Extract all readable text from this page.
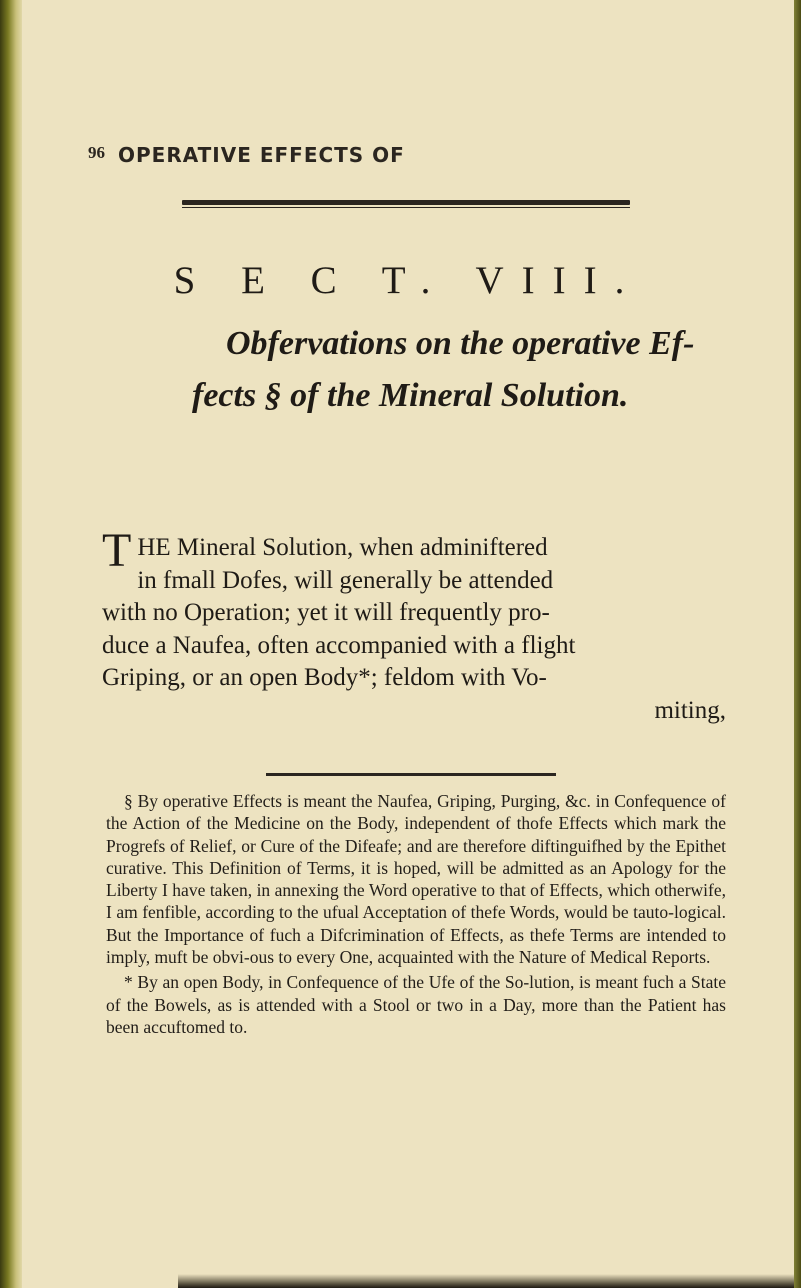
96 OPERATIVE EFFECTS OF
S E C T. VIII.
Obfervations on the operative Ef-
fects § of the Mineral Solution.
T HE Mineral Solution, when adminiftered
in fmall Dofes, will generally be attended
with no Operation; yet it will frequently pro-
duce a Naufea, often accompanied with a flight
Griping, or an open Body*; feldom with Vo-
miting,

§ By operative Effects is meant the Naufea, Griping, Purging, &c. in Confequence of the Action of the Medicine on the Body, independent of thofe Effects which mark the Progrefs of Relief, or Cure of the Difeafe; and are therefore diftinguifhed by the Epithet curative. This Definition of Terms, it is hoped, will be admitted as an Apology for the Liberty I have taken, in annexing the Word operative to that of Effects, which otherwife, I am fenfible, according to the ufual Acceptation of thefe Words, would be tauto-logical. But the Importance of fuch a Difcrimination of Effects, as thefe Terms are intended to imply, muft be obvi-ous to every One, acquainted with the Nature of Medical Reports.

* By an open Body, in Confequence of the Ufe of the So-lution, is meant fuch a State of the Bowels, as is attended with a Stool or two in a Day, more than the Patient has been accuftomed to.
